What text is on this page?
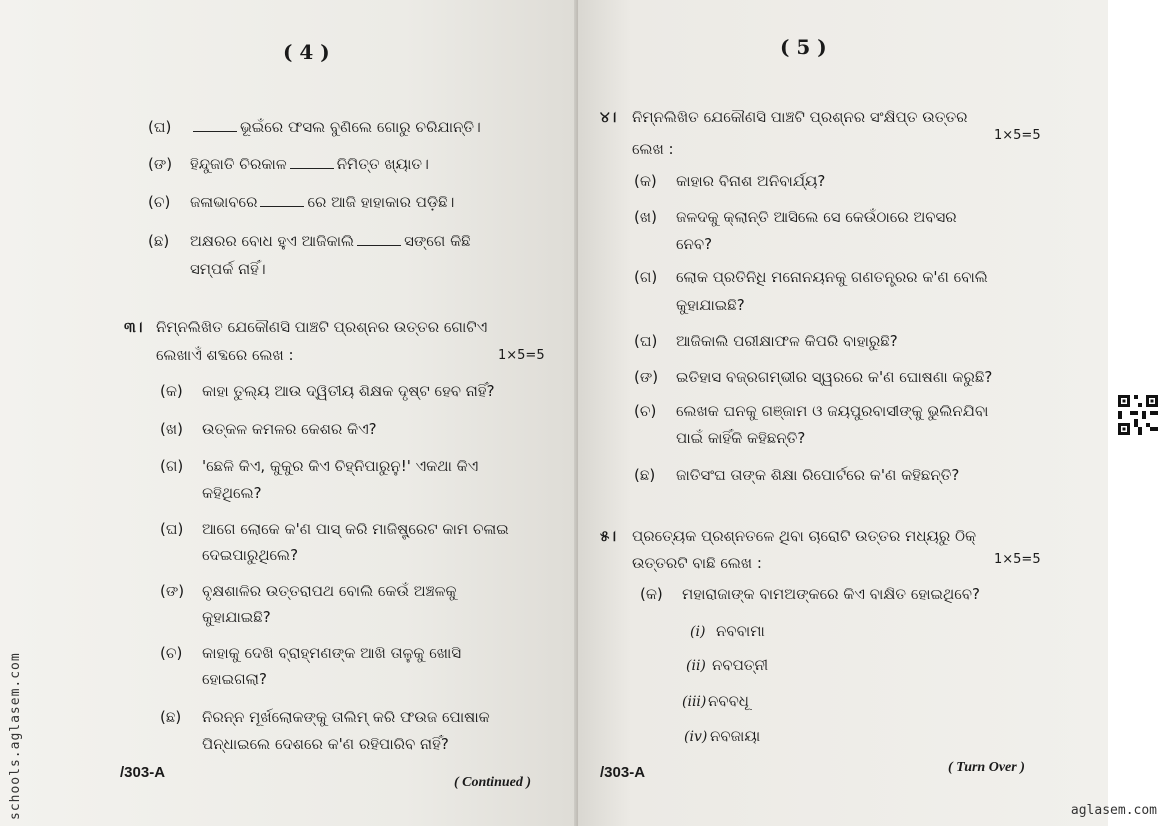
( 4 )
(ଘ)	ଭୂଇଁରେ ଫସଲ ବୁଣିଲେ ଗୋରୁ ଚରିଯାନ୍ତି।
(ଙ) ହିନ୍ଦୁଜାତି ଚିରକାଳ	ନିମିତ୍ତ ଖ୍ୟାତ।
(ଚ) ଜଳାଭାବରେ	ରେ ଆଜି ହାହାକାର ପଡ଼ିଛି।
(ଛ) ଅକ୍ଷରର ବୋଧ ହୁଏ ଆଜିକାଲି	ସଙ୍ଗେ କିଛି
ସମ୍ପର୍କ ନାହିଁ।
୩। ନିମ୍ନଲିଖିତ ଯେକୌଣସି ପାଞ୍ଚଟି ପ୍ରଶ୍ନର ଉତ୍ତର ଗୋଟିଏ
ଲେଖାଏଁ ଶବ୍ଦରେ ଲେଖ :	1×5=5
(କ) କାହା ତୁଲ୍ୟ ଆଉ ଦ୍ୱିତୀୟ ଶିକ୍ଷକ ଦୃଷ୍ଟ ହେବ ନାହିଁ?
(ଖ) ଉତ୍କଳ କମଳର କେଶର କିଏ?
(ଗ) 'ଛେଳି କିଏ, କୁକୁର କିଏ ଚିହ୍ନିପାରୁନୁ!' ଏକଥା କିଏ
କହିଥିଲେ?
(ଘ) ଆଗେ ଲୋକେ କ'ଣ ପାସ୍ କରି ମାଜିଷ୍ଟ୍ରେଟ କାମ ଚଳାଇ
ଦେଇପାରୁଥିଲେ?
(ଙ) ବୃକ୍ଷଶାଳିର ଉତ୍ତରାପଥ ବୋଲି କେଉଁ ଅଞ୍ଚଳକୁ
କୁହାଯାଇଛି?
(ଚ) କାହାକୁ ଦେଖି ବ୍ରାହ୍ମଣଙ୍କ ଆଖି ତାଳୁକୁ ଖୋସି
ହୋଇଗଲା?
(ଛ) ନିରନ୍ନ ମୂର୍ଖଲୋକଙ୍କୁ ତାଲିମ୍ କରି ଫଉଜ ପୋଷାକ
ପିନ୍ଧାଇଲେ ଦେଶରେ କ'ଣ ରହିପାରିବ ନାହିଁ?
/303-A
( Continued )
( 5 )
୪। ନିମ୍ନଲିଖିତ ଯେକୌଣସି ପାଞ୍ଚଟି ପ୍ରଶ୍ନର ସଂକ୍ଷିପ୍ତ ଉତ୍ତର
1×5=5
ଲେଖ :
(କ) କାହାର ବିନାଶ ଅନିବାର୍ଯ୍ୟ?
(ଖ) ଜଳଦକୁ କ୍ଲାନ୍ତି ଆସିଲେ ସେ କେଉଁଠାରେ ଅବସର
ନେବ?
(ଗ) ଲୋକ ପ୍ରତିନିଧି ମନୋନୟନକୁ ଗଣତନ୍ତ୍ରର କ'ଣ ବୋଲି
କୁହାଯାଇଛି?
(ଘ) ଆଜିକାଲି ପରୀକ୍ଷାଫଳ କିପରି ବାହାରୁଛି?
(ଙ) ଇତିହାସ ବଜ୍ରଗମ୍ଭୀର ସ୍ୱରରେ କ'ଣ ଘୋଷଣା କରୁଛି?
(ଚ) ଲେଖକ ଘନକୁ ଗଞ୍ଜାମ ଓ ଜୟପୁରବାସୀଙ୍କୁ ଭୁଲିନଯିବା
ପାଇଁ କାହିଁକି କହିଛନ୍ତି?
(ଛ) ଜାତିସଂଘ ତାଙ୍କ ଶିକ୍ଷା ରିପୋର୍ଟରେ କ'ଣ କହିଛନ୍ତି?
୫। ପ୍ରତ୍ୟେକ ପ୍ରଶ୍ନତଳେ ଥିବା ଚାରୋଟି ଉତ୍ତର ମଧ୍ୟରୁ ଠିକ୍
ଉତ୍ତରଟି ବାଛି ଲେଖ :	1×5=5
(କ) ମହାରାଜାଙ୍କ ବାମଅଙ୍କରେ କିଏ ବାକ୍ଷିତ ହୋଇଥିବେ?
(i) ନବବାମା
(ii) ନବପତ୍ନୀ
(iii) ନବବଧୂ
(iv) ନବଜାୟା
/303-A	( Turn Over )
schools.aglasem.com	aglasem.com
